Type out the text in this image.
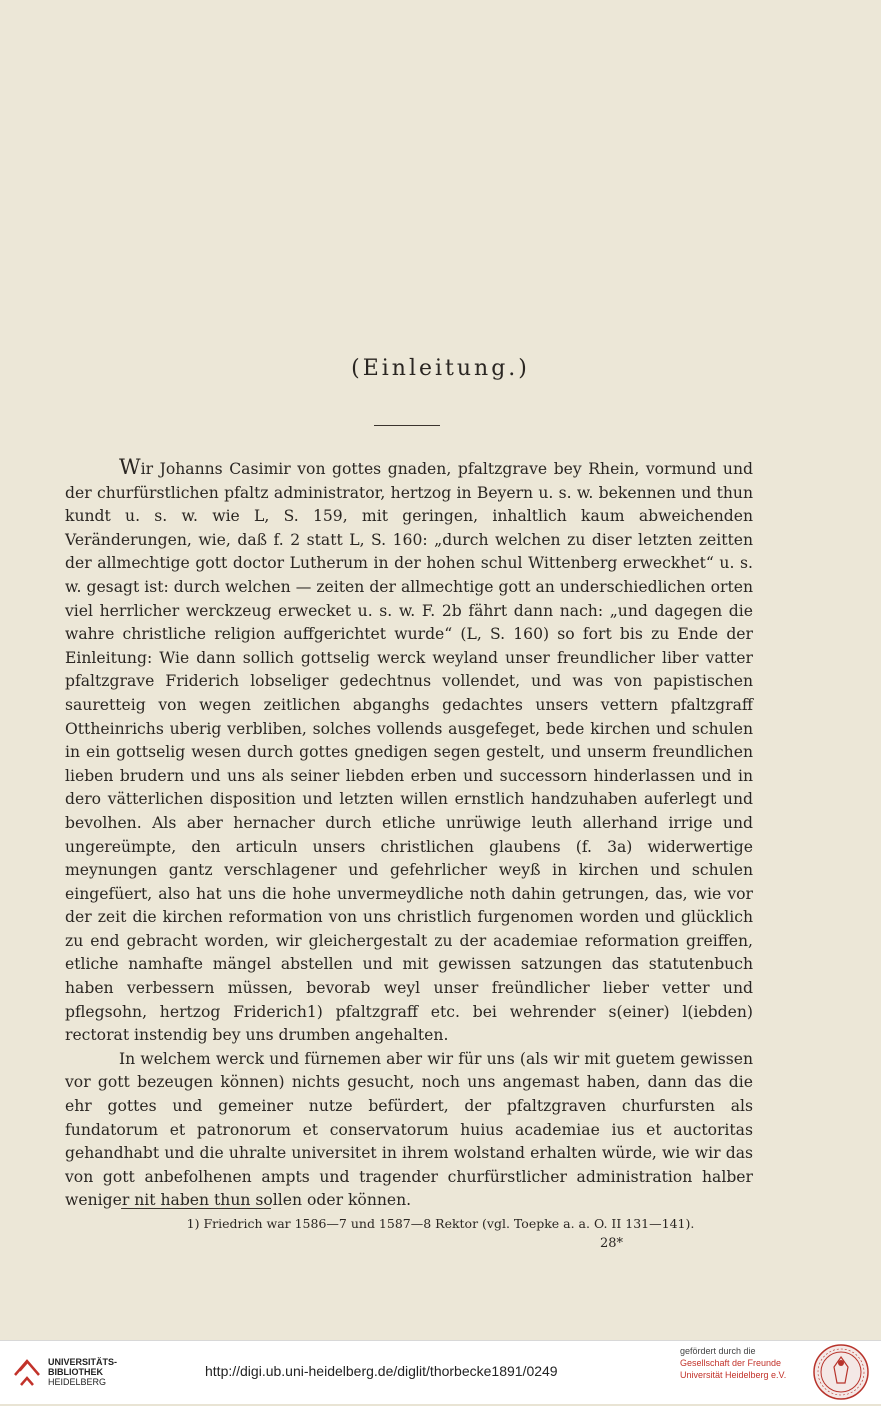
(Einleitung.)

Wir Johanns Casimir von gottes gnaden, pfaltzgrave bey Rhein, vormund und der churfürstlichen pfaltz administrator, hertzog in Beyern u. s. w. bekennen und thun kundt u. s. w. wie L, S. 159, mit geringen, inhaltlich kaum abweichenden Veränderungen, wie, daß f. 2 statt L, S. 160: „durch welchen zu diser letzten zeitten der allmechtige gott doctor Lutherum in der hohen schul Wittenberg erweckhet“ u. s. w. gesagt ist: durch welchen — zeiten der allmechtige gott an underschiedlichen orten viel herrlicher werckzeug erwecket u. s. w. F. 2b fährt dann nach: „und dagegen die wahre christliche religion auffgerichtet wurde“ (L, S. 160) so fort bis zu Ende der Einleitung: Wie dann sollich gottselig werck weyland unser freundlicher liber vatter pfaltzgrave Friderich lobseliger gedechtnus vollendet, und was von papistischen sauretteig von wegen zeitlichen abganghs gedachtes unsers vettern pfaltzgraff Ottheinrichs uberig verbliben, solches vollends ausgefeget, bede kirchen und schulen in ein gottselig wesen durch gottes gnedigen segen gestelt, und unserm freundlichen lieben brudern und uns als seiner liebden erben und successorn hinderlassen und in dero vätterlichen disposition und letzten willen ernstlich handzuhaben auferlegt und bevolhen. Als aber hernacher durch etliche unrüwige leuth allerhand irrige und ungereümpte, den articuln unsers christlichen glaubens (f. 3a) widerwertige meynungen gantz verschlagener und gefehrlicher weyß in kirchen und schulen eingefüert, also hat uns die hohe unvermeydliche noth dahin getrungen, das, wie vor der zeit die kirchen reformation von uns christlich furgenomen worden und glücklich zu end gebracht worden, wir gleichergestalt zu der academiae reformation greiffen, etliche namhafte mängel abstellen und mit gewissen satzungen das statutenbuch haben verbessern müssen, bevorab weyl unser freündlicher lieber vetter und pflegsohn, hertzog Friderich1) pfaltzgraff etc. bei wehrender s(einer) l(iebden) rectorat instendig bey uns drumben angehalten.

In welchem werck und fürnemen aber wir für uns (als wir mit guetem gewissen vor gott bezeugen können) nichts gesucht, noch uns angemast haben, dann das die ehr gottes und gemeiner nutze befürdert, der pfaltzgraven churfursten als fundatorum et patronorum et conservatorum huius academiae ius et auctoritas gehandhabt und die uhralte universitet in ihrem wolstand erhalten würde, wie wir das von gott anbefolhenen ampts und tragender churfürstlicher administration halber weniger nit haben thun sollen oder können.

1) Friedrich war 1586—7 und 1587—8 Rektor (vgl. Toepke a. a. O. II 131—141).
28*
UNIVERSITÄTS-
BIBLIOTHEK
HEIDELBERG
http://digi.ub.uni-heidelberg.de/diglit/thorbecke1891/0249
gefördert durch die
Gesellschaft der Freunde
Universität Heidelberg e.V.
